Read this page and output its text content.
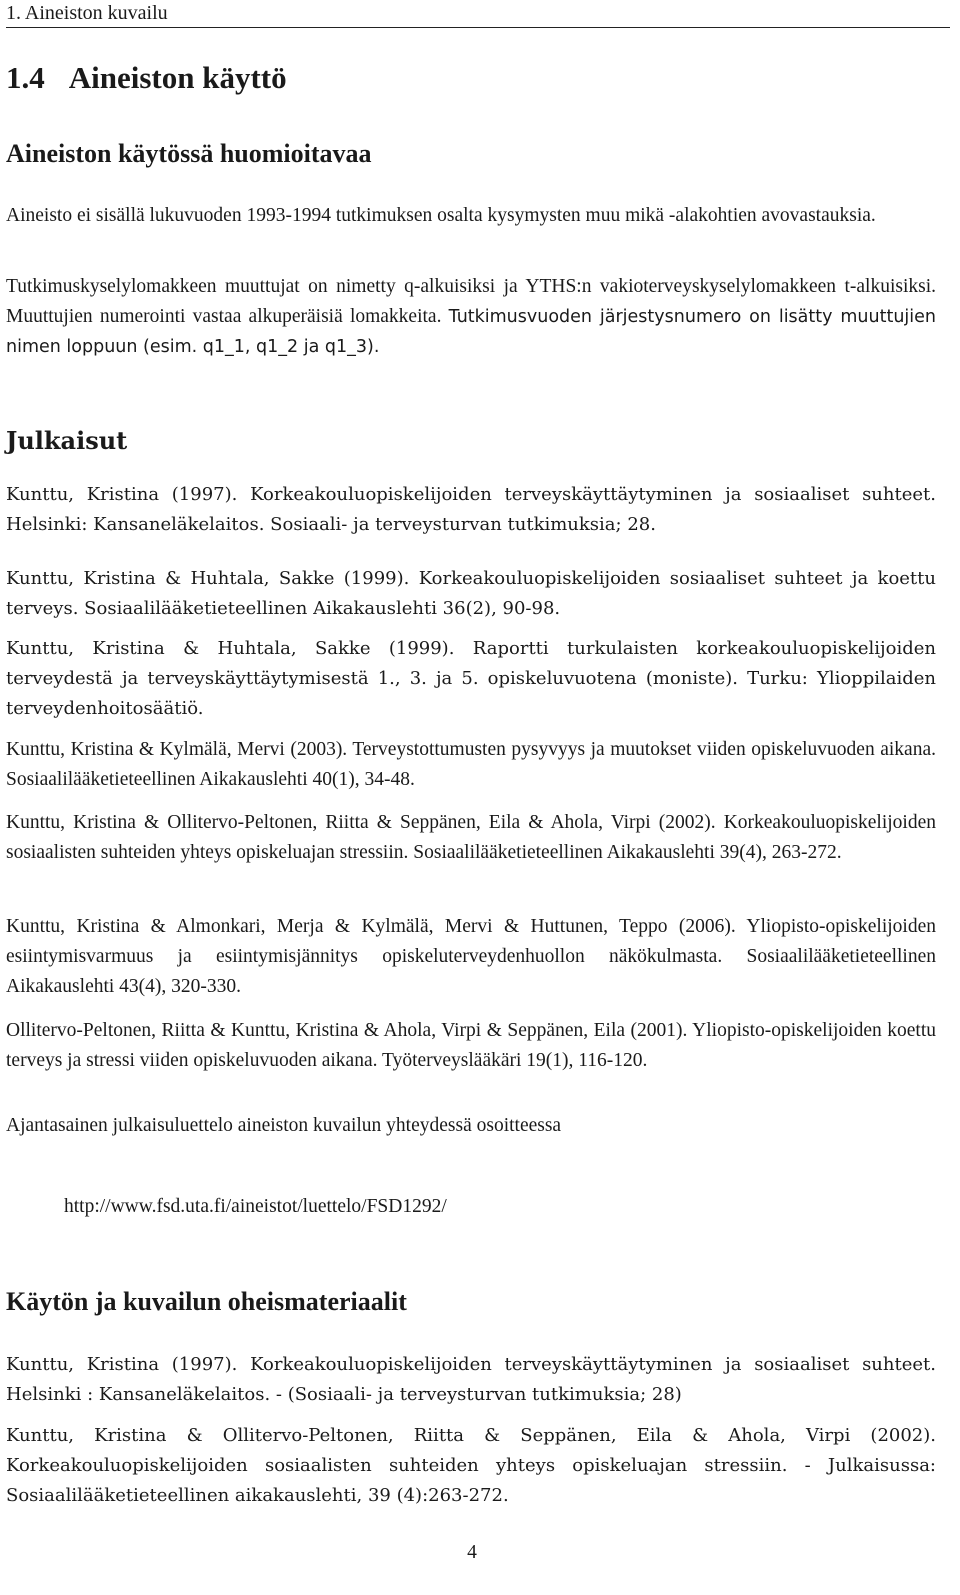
1. Aineiston kuvailu
1.4 Aineiston käyttö
Aineiston käytössä huomioitavaa

Aineisto ei sisällä lukuvuoden 1993-1994 tutkimuksen osalta kysymysten muu mikä -alakohtien avovastauksia.

Tutkimuskyselylomakkeen muuttujat on nimetty q-alkuisiksi ja YTHS:n vakioterveyskyselylomakkeen t-alkuisiksi. Muuttujien numerointi vastaa alkuperäisiä lomakkeita. Tutkimusvuoden järjestysnumero on lisätty muuttujien nimen loppuun (esim. q1_1, q1_2 ja q1_3).

Julkaisut

Kunttu, Kristina (1997). Korkeakouluopiskelijoiden terveyskäyttäytyminen ja sosiaaliset suhteet. Helsinki: Kansaneläkelaitos. Sosiaali- ja terveysturvan tutkimuksia; 28.

Kunttu, Kristina & Huhtala, Sakke (1999). Korkeakouluopiskelijoiden sosiaaliset suhteet ja koettu terveys. Sosiaalilääketieteellinen Aikakauslehti 36(2), 90-98.

Kunttu, Kristina & Huhtala, Sakke (1999). Raportti turkulaisten korkeakouluopiskelijoiden terveydestä ja terveyskäyttäytymisestä 1., 3. ja 5. opiskeluvuotena (moniste). Turku: Ylioppilaiden terveydenhoitosäätiö.

Kunttu, Kristina & Kylmälä, Mervi (2003). Terveystottumusten pysyvyys ja muutokset viiden opiskeluvuoden aikana. Sosiaalilääketieteellinen Aikakauslehti 40(1), 34-48.

Kunttu, Kristina & Ollitervo-Peltonen, Riitta & Seppänen, Eila & Ahola, Virpi (2002). Korkeakouluopiskelijoiden sosiaalisten suhteiden yhteys opiskeluajan stressiin. Sosiaalilääketieteellinen Aikakauslehti 39(4), 263-272.

Kunttu, Kristina & Almonkari, Merja & Kylmälä, Mervi & Huttunen, Teppo (2006). Yliopisto-opiskelijoiden esiintymisvarmuus ja esiintymisjännitys opiskeluterveydenhuollon näkökulmasta. Sosiaalilääketieteellinen Aikakauslehti 43(4), 320-330.

Ollitervo-Peltonen, Riitta & Kunttu, Kristina & Ahola, Virpi & Seppänen, Eila (2001). Yliopisto-opiskelijoiden koettu terveys ja stressi viiden opiskeluvuoden aikana. Työterveyslääkäri 19(1), 116-120.

Ajantasainen julkaisuluettelo aineiston kuvailun yhteydessä osoitteessa

http://www.fsd.uta.fi/aineistot/luettelo/FSD1292/
Käytön ja kuvailun oheismateriaalit

Kunttu, Kristina (1997). Korkeakouluopiskelijoiden terveyskäyttäytyminen ja sosiaaliset suhteet. Helsinki : Kansaneläkelaitos. - (Sosiaali- ja terveysturvan tutkimuksia; 28)

Kunttu, Kristina & Ollitervo-Peltonen, Riitta & Seppänen, Eila & Ahola, Virpi (2002). Korkeakouluopiskelijoiden sosiaalisten suhteiden yhteys opiskeluajan stressiin. - Julkaisussa: Sosiaalilääketieteellinen aikakauslehti, 39 (4):263-272.

4
